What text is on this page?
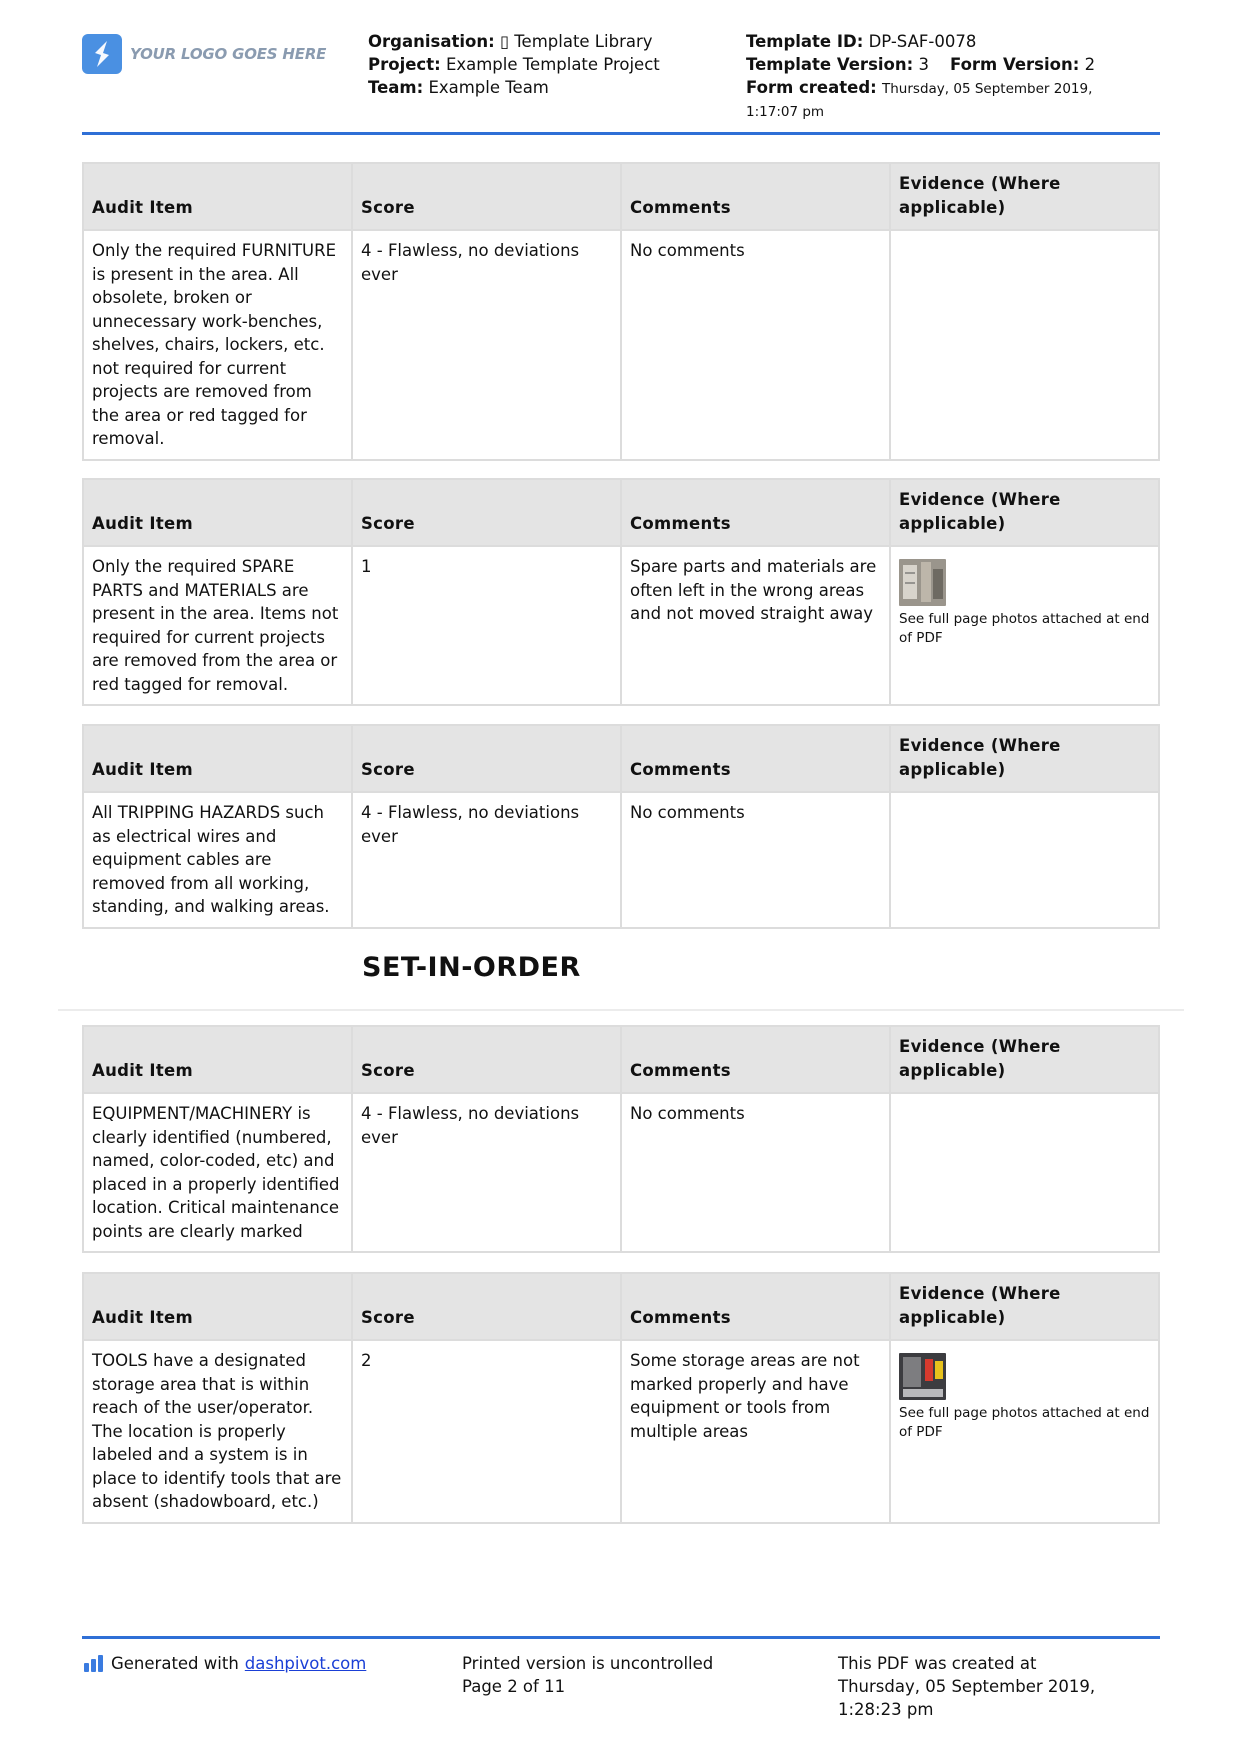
YOUR LOGO GOES HERE
Organisation: ▯ Template Library
Project: Example Template Project
Team: Example Team
Template ID: DP-SAF-0078
Template Version: 3 Form Version: 2
Form created: Thursday, 05 September 2019,
1:17:07 pm
Audit Item	Score	Comments	Evidence (Where applicable)
Only the required FURNITURE is present in the area. All obsolete, broken or unnecessary work-benches, shelves, chairs, lockers, etc. not required for current projects are removed from the area or red tagged for removal.	4 - Flawless, no deviations ever	No comments	
Audit Item	Score	Comments	Evidence (Where applicable)
Only the required SPARE PARTS and MATERIALS are present in the area. Items not required for current projects are removed from the area or red tagged for removal.	1	Spare parts and materials are often left in the wrong areas and not moved straight away	See full page photos attached at end of PDF
Audit Item	Score	Comments	Evidence (Where applicable)
All TRIPPING HAZARDS such as electrical wires and equipment cables are removed from all working, standing, and walking areas.	4 - Flawless, no deviations ever	No comments	
SET-IN-ORDER
Audit Item	Score	Comments	Evidence (Where applicable)
EQUIPMENT/MACHINERY is clearly identified (numbered, named, color-coded, etc) and placed in a properly identified location. Critical maintenance points are clearly marked	4 - Flawless, no deviations ever	No comments	
Audit Item	Score	Comments	Evidence (Where applicable)
TOOLS have a designated storage area that is within reach of the user/operator. The location is properly labeled and a system is in place to identify tools that are absent (shadowboard, etc.)	2	Some storage areas are not marked properly and have equipment or tools from multiple areas	See full page photos attached at end of PDF
Generated with dashpivot.com	Printed version is uncontrolled
Page 2 of 11
This PDF was created at
Thursday, 05 September 2019,
1:28:23 pm
